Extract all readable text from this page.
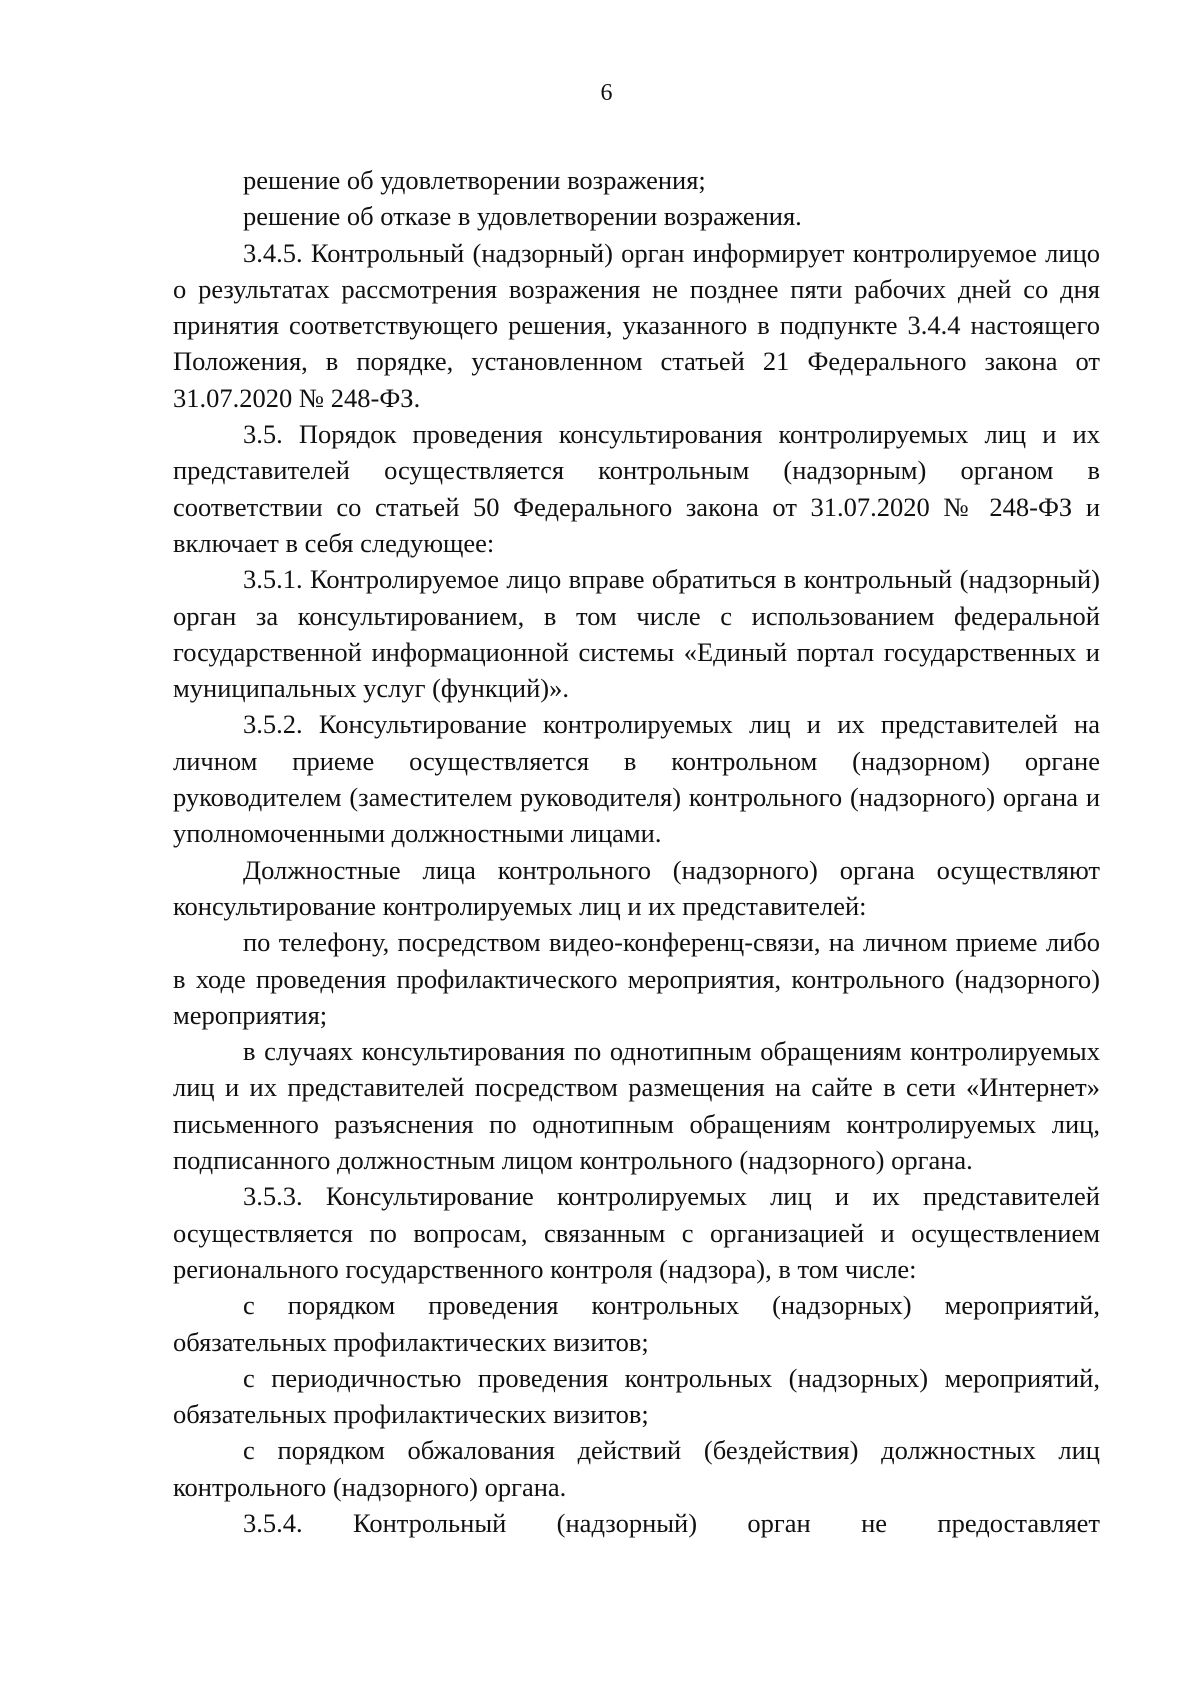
6

решение об удовлетворении возражения;

решение об отказе в удовлетворении возражения.

3.4.5. Контрольный (надзорный) орган информирует контролируемое лицо о результатах рассмотрения возражения не позднее пяти рабочих дней со дня принятия соответствующего решения, указанного в подпункте 3.4.4 настоящего Положения, в порядке, установленном статьей 21 Федерального закона от 31.07.2020 № 248-ФЗ.

3.5. Порядок проведения консультирования контролируемых лиц и их представителей осуществляется контрольным (надзорным) органом в соответствии со статьей 50 Федерального закона от 31.07.2020 № 248-ФЗ и включает в себя следующее:

3.5.1. Контролируемое лицо вправе обратиться в контрольный (надзорный) орган за консультированием, в том числе с использованием федеральной государственной информационной системы «Единый портал государственных и муниципальных услуг (функций)».

3.5.2. Консультирование контролируемых лиц и их представителей на личном приеме осуществляется в контрольном (надзорном) органе руководителем (заместителем руководителя) контрольного (надзорного) органа и уполномоченными должностными лицами.

Должностные лица контрольного (надзорного) органа осуществляют консультирование контролируемых лиц и их представителей:

по телефону, посредством видео-конференц-связи, на личном приеме либо в ходе проведения профилактического мероприятия, контрольного (надзорного) мероприятия;

в случаях консультирования по однотипным обращениям контролируемых лиц и их представителей посредством размещения на сайте в сети «Интернет» письменного разъяснения по однотипным обращениям контролируемых лиц, подписанного должностным лицом контрольного (надзорного) органа.

3.5.3. Консультирование контролируемых лиц и их представителей осуществляется по вопросам, связанным с организацией и осуществлением регионального государственного контроля (надзора), в том числе:

с порядком проведения контрольных (надзорных) мероприятий, обязательных профилактических визитов;

с периодичностью проведения контрольных (надзорных) мероприятий, обязательных профилактических визитов;

с порядком обжалования действий (бездействия) должностных лиц контрольного (надзорного) органа.

3.5.4. Контрольный (надзорный) орган не предоставляет
